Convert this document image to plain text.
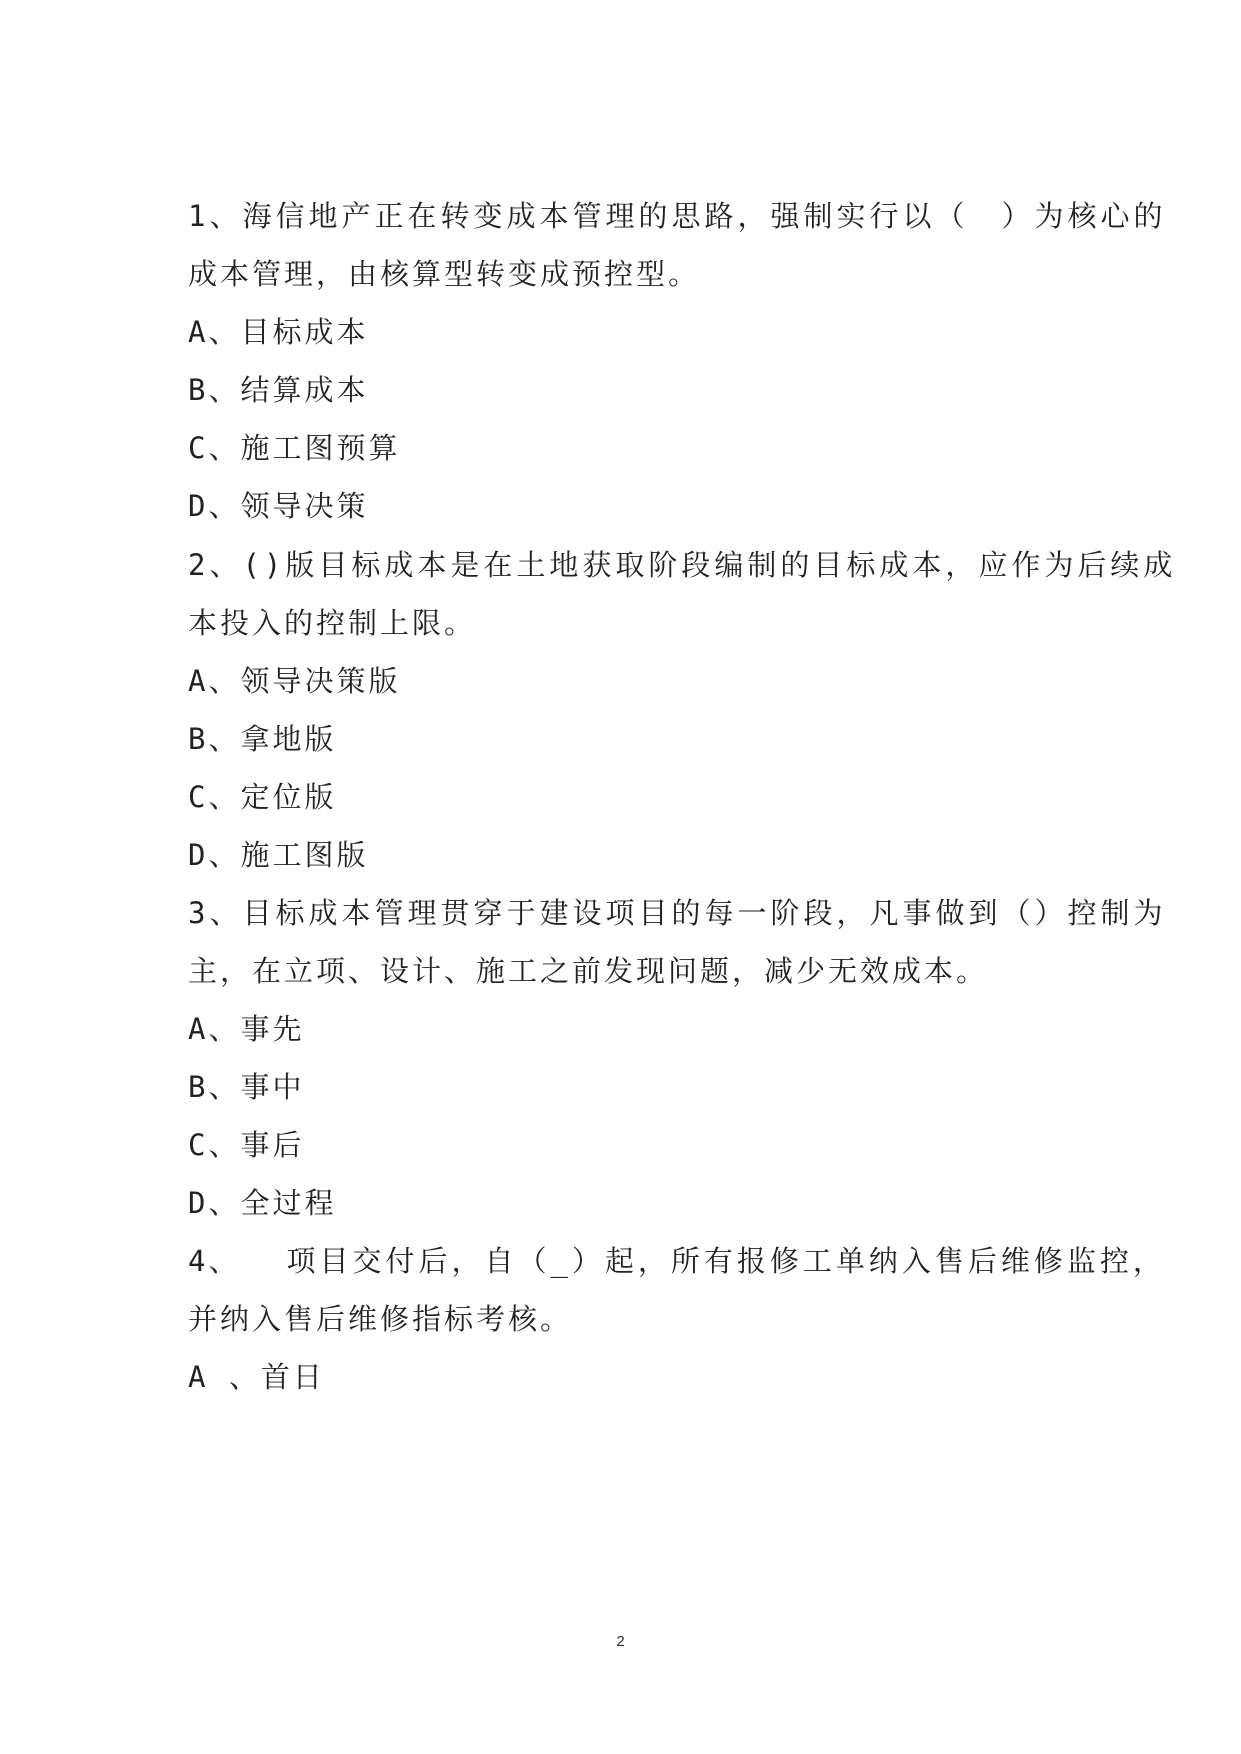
1、海信地产正在转变成本管理的思路，强制实行以（　）为核心的
成本管理，由核算型转变成预控型。
A、目标成本
B、结算成本
C、施工图预算
D、领导决策
2、()版目标成本是在土地获取阶段编制的目标成本，应作为后续成
本投入的控制上限。
A、领导决策版
B、拿地版
C、定位版
D、施工图版
3、目标成本管理贯穿于建设项目的每一阶段，凡事做到（）控制为
主，在立项、设计、施工之前发现问题，减少无效成本。
A、事先
B、事中
C、事后
D、全过程
4、 项目交付后，自（_）起，所有报修工单纳入售后维修监控，
并纳入售后维修指标考核。
A 、首日
2
